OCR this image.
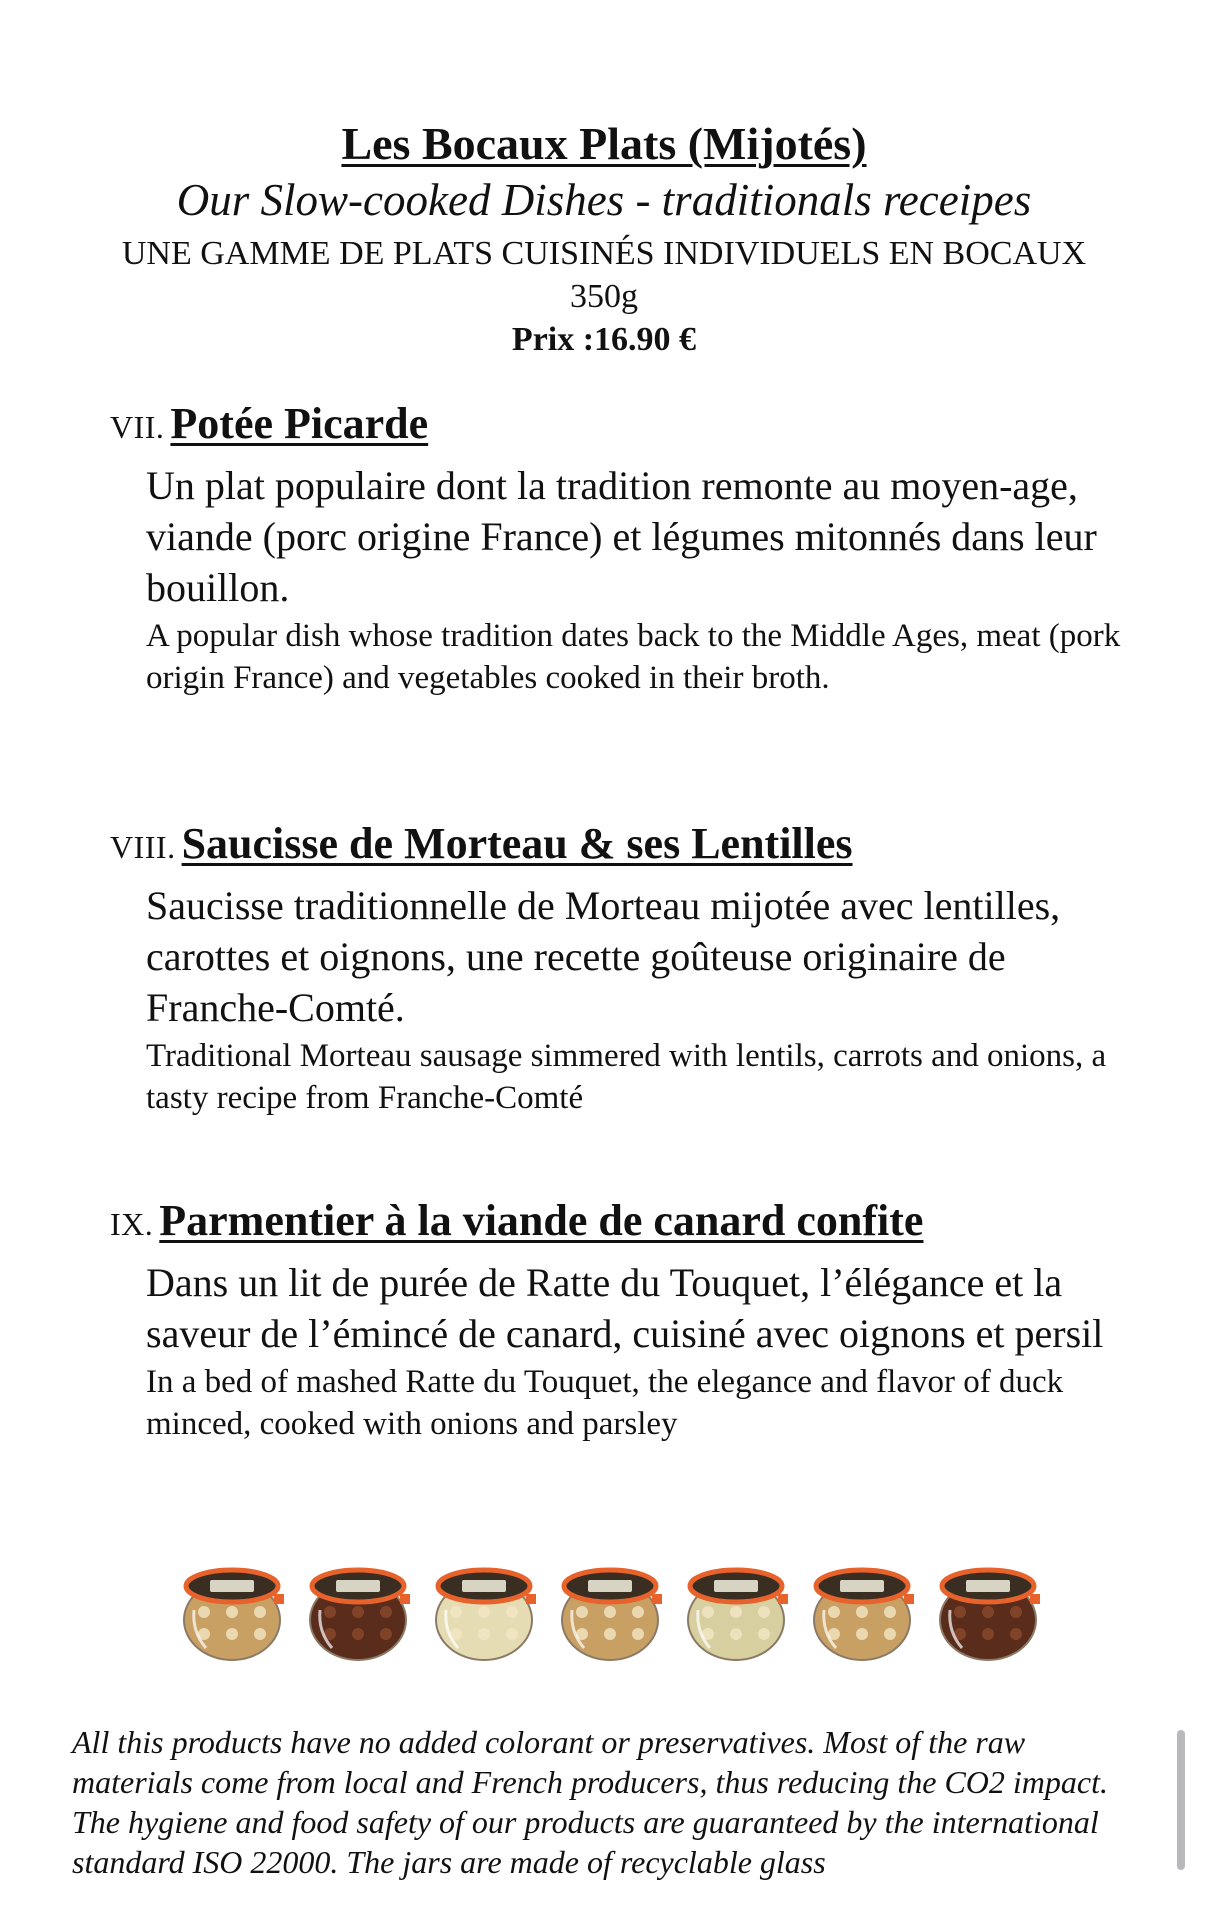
Les Bocaux Plats (Mijotés)

Our Slow-cooked Dishes - traditionals receipes

UNE GAMME DE PLATS CUISINÉS INDIVIDUELS EN BOCAUX

350g

Prix :16.90 €

VII. Potée Picarde

Un plat populaire dont la tradition remonte au moyen-age, viande (porc origine France) et légumes mitonnés dans leur bouillon.

A popular dish whose tradition dates back to the Middle Ages, meat (pork origin France) and vegetables cooked in their broth.

VIII. Saucisse de Morteau & ses Lentilles

Saucisse traditionnelle de Morteau mijotée avec lentilles, carottes et oignons, une recette goûteuse originaire de Franche-Comté.

Traditional Morteau sausage simmered with lentils, carrots and onions, a tasty recipe from Franche-Comté

IX. Parmentier à la viande de canard confite

Dans un lit de purée de Ratte du Touquet, l’élégance et la saveur de l’émincé de canard, cuisiné avec oignons et persil

In a bed of mashed Ratte du Touquet, the elegance and flavor of duck minced, cooked with onions and parsley

All this products have no added colorant or preservatives. Most of the raw materials come from local and French producers, thus reducing the CO2 impact. The hygiene and food safety of our products are guaranteed by the international standard ISO 22000. The jars are made of recyclable glass
